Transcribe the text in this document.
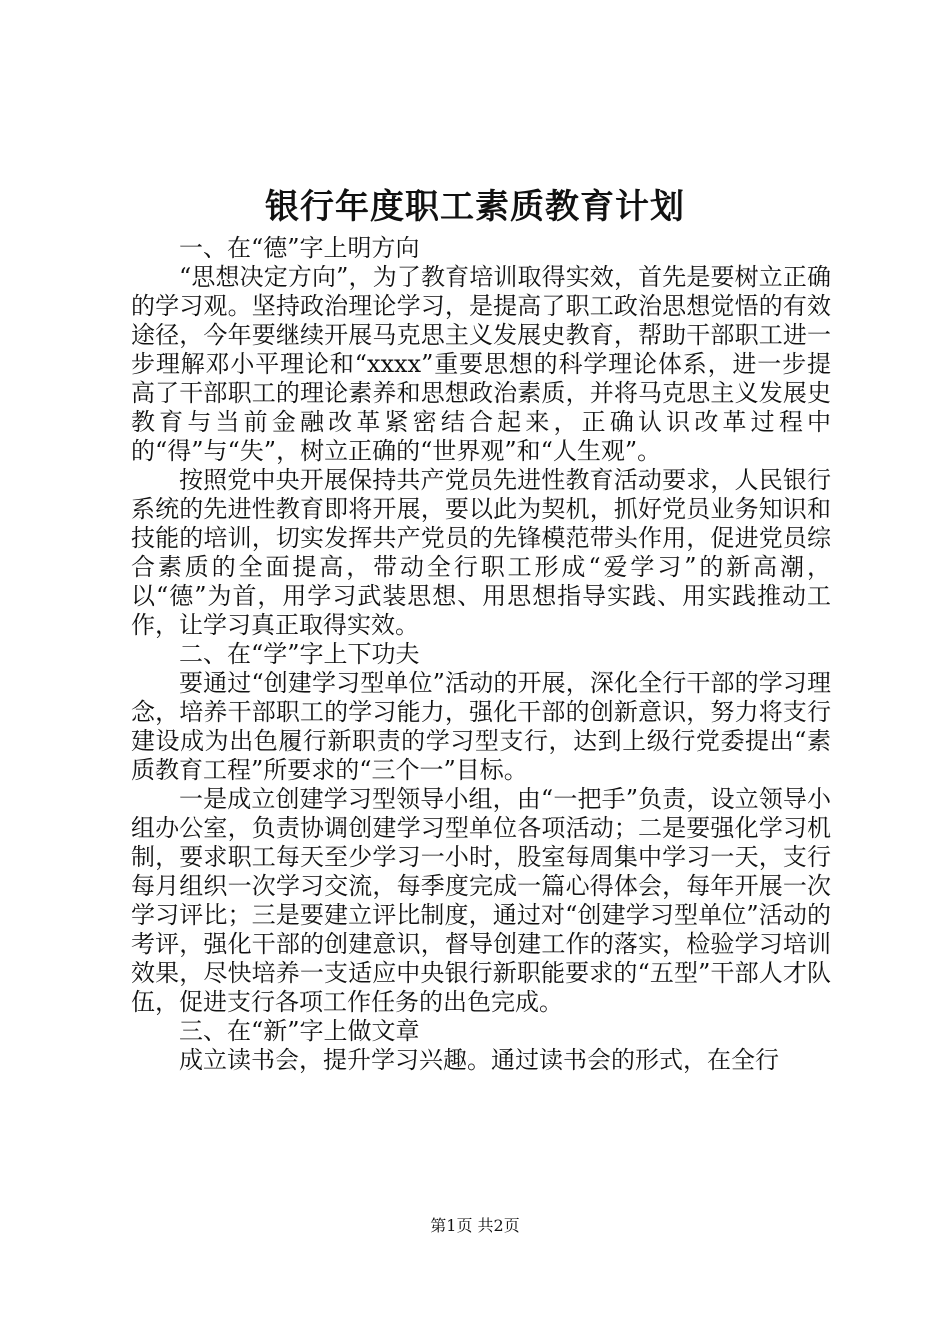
银行年度职工素质教育计划

一、在“德”字上明方向

“思想决定方向”，为了教育培训取得实效，首先是要树立正确的学习观。坚持政治理论学习，是提高了职工政治思想觉悟的有效途径，今年要继续开展马克思主义发展史教育，帮助干部职工进一步理解邓小平理论和“xxxx”重要思想的科学理论体系，进一步提高了干部职工的理论素养和思想政治素质，并将马克思主义发展史教育与当前金融改革紧密结合起来，正确认识改革过程中的“得”与“失”，树立正确的“世界观”和“人生观”。

按照党中央开展保持共产党员先进性教育活动要求，人民银行系统的先进性教育即将开展，要以此为契机，抓好党员业务知识和技能的培训，切实发挥共产党员的先锋模范带头作用，促进党员综合素质的全面提高，带动全行职工形成“爱学习”的新高潮，以“德”为首，用学习武装思想、用思想指导实践、用实践推动工作，让学习真正取得实效。

二、在“学”字上下功夫

要通过“创建学习型单位”活动的开展，深化全行干部的学习理念，培养干部职工的学习能力，强化干部的创新意识，努力将支行建设成为出色履行新职责的学习型支行，达到上级行党委提出“素质教育工程”所要求的“三个一”目标。

一是成立创建学习型领导小组，由“一把手”负责，设立领导小组办公室，负责协调创建学习型单位各项活动；二是要强化学习机制，要求职工每天至少学习一小时，股室每周集中学习一天，支行每月组织一次学习交流，每季度完成一篇心得体会，每年开展一次学习评比；三是要建立评比制度，通过对“创建学习型单位”活动的考评，强化干部的创建意识，督导创建工作的落实，检验学习培训效果，尽快培养一支适应中央银行新职能要求的“五型”干部人才队伍，促进支行各项工作任务的出色完成。

三、在“新”字上做文章

成立读书会，提升学习兴趣。通过读书会的形式，在全行

第1页 共2页
